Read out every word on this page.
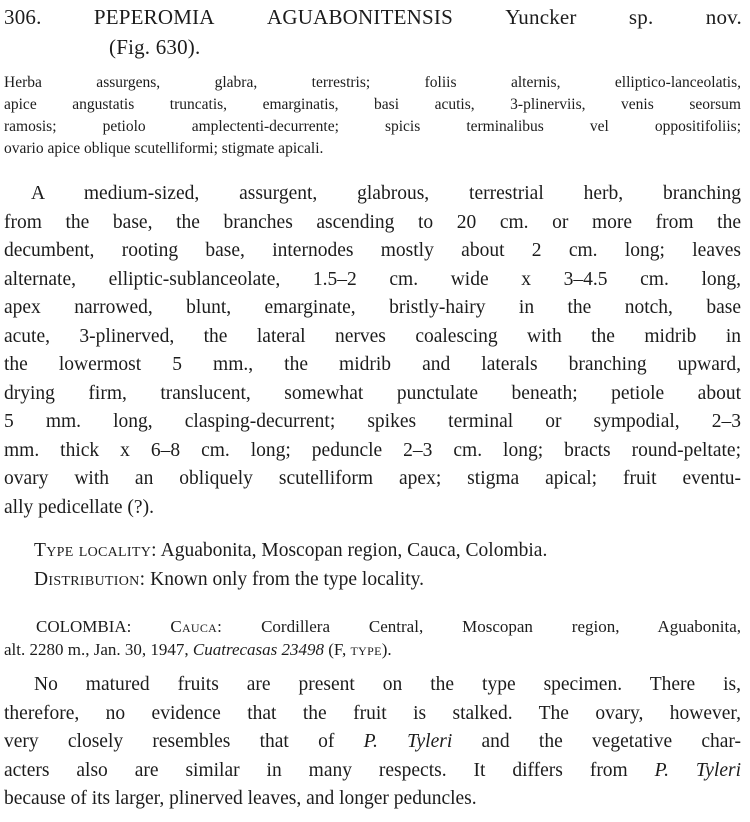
306. PEPEROMIA AGUABONITENSIS Yuncker sp. nov.
(Fig. 630).
Herba assurgens, glabra, terrestris; foliis alternis, elliptico-lanceolatis,
apice angustatis truncatis, emarginatis, basi acutis, 3-plinerviis, venis seorsum
ramosis; petiolo amplectenti-decurrente; spicis terminalibus vel oppositifoliis;
ovario apice oblique scutelliformi; stigmate apicali.
A medium-sized, assurgent, glabrous, terrestrial herb, branching
from the base, the branches ascending to 20 cm. or more from the
decumbent, rooting base, internodes mostly about 2 cm. long; leaves
alternate, elliptic-sublanceolate, 1.5–2 cm. wide x 3–4.5 cm. long,
apex narrowed, blunt, emarginate, bristly-hairy in the notch, base
acute, 3-plinerved, the lateral nerves coalescing with the midrib in
the lowermost 5 mm., the midrib and laterals branching upward,
drying firm, translucent, somewhat punctulate beneath; petiole about
5 mm. long, clasping-decurrent; spikes terminal or sympodial, 2–3
mm. thick x 6–8 cm. long; peduncle 2–3 cm. long; bracts round-peltate;
ovary with an obliquely scutelliform apex; stigma apical; fruit eventu-
ally pedicellate (?).
Type locality: Aguabonita, Moscopan region, Cauca, Colombia.
Distribution: Known only from the type locality.
COLOMBIA: Cauca: Cordillera Central, Moscopan region, Aguabonita,
alt. 2280 m., Jan. 30, 1947, Cuatrecasas 23498 (F, type).
No matured fruits are present on the type specimen. There is,
therefore, no evidence that the fruit is stalked. The ovary, however,
very closely resembles that of P. Tyleri and the vegetative char-
acters also are similar in many respects. It differs from P. Tyleri
because of its larger, plinerved leaves, and longer peduncles.
